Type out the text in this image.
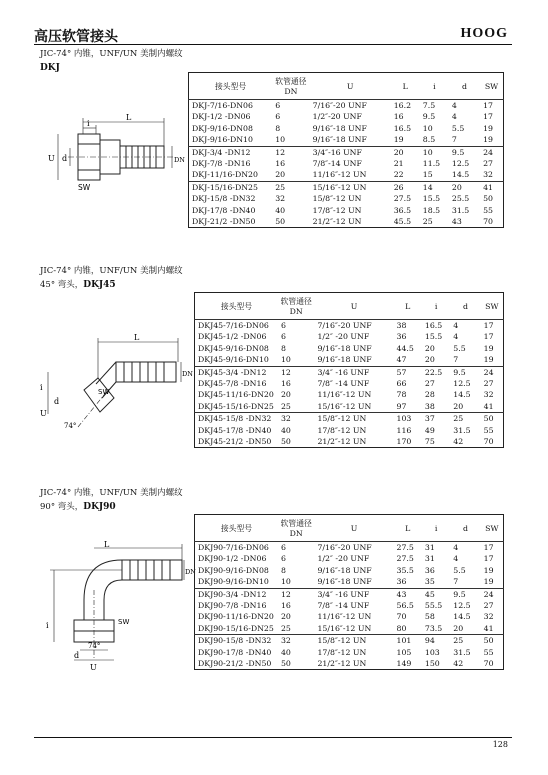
高压软管接头	HOOG
JIC-74° 内锥，UNF/UN 美制内螺纹
DKJ
i
L
U d	DN
SW
接头型号	软管通径
DN	U	L	i	d	SW
DKJ-7/16-DN06	6	7/16″-20 UNF	16.2	7.5	4	17
DKJ-1/2 -DN06	6	1/2″-20 UNF	16	9.5	4	17
DKJ-9/16-DN08	8	9/16″-18 UNF	16.5	10	5.5	19
DKJ-9/16-DN10	10	9/16″-18 UNF	19	8.5	7	19
DKJ-3/4 -DN12	12	3/4″-16 UNF	20	10	9.5	24
DKJ-7/8 -DN16	16	7/8″-14 UNF	21	11.5	12.5	27
DKJ-11/16-DN20	20	11/16″-12 UN	22	15	14.5	32
DKJ-15/16-DN25	25	15/16″-12 UN	26	14	20	41
DKJ-15/8 -DN32	32	15/8″-12 UN	27.5	15.5	25.5	50
DKJ-17/8 -DN40	40	17/8″-12 UN	36.5	18.5	31.5	55
DKJ-21/2 -DN50	50	21/2″-12 UN	45.5	25	43	70
JIC-74° 内锥，UNF/UN 美制内螺纹
45° 弯头，DKJ45
L
DN
i
d
U
SW
74°
接头型号	软管通径
DN	U	L	i	d	SW
DKJ45-7/16-DN06	6	7/16″-20 UNF	38	16.5	4	17
DKJ45-1/2 -DN06	6	1/2″ -20 UNF	36	15.5	4	17
DKJ45-9/16-DN08	8	9/16″-18 UNF	44.5	20	5.5	19
DKJ45-9/16-DN10	10	9/16″-18 UNF	47	20	7	19
DKJ45-3/4 -DN12	12	3/4″ -16 UNF	57	22.5	9.5	24
DKJ45-7/8 -DN16	16	7/8″ -14 UNF	66	27	12.5	27
DKJ45-11/16-DN20	20	11/16″-12 UN	78	28	14.5	32
DKJ45-15/16-DN25	25	15/16″-12 UN	97	38	20	41
DKJ45-15/8 -DN32	32	15/8″-12 UN	103	37	25	50
DKJ45-17/8 -DN40	40	17/8″-12 UN	116	49	31.5	55
DKJ45-21/2 -DN50	50	21/2″-12 UN	170	75	42	70
JIC-74° 内锥，UNF/UN 美制内螺纹
90° 弯头，DKJ90
L
DN
i	SW
74°
d
U
接头型号	软管通径
DN	U	L	i	d	SW
DKJ90-7/16-DN06	6	7/16″-20 UNF	27.5	31	4	17
DKJ90-1/2 -DN06	6	1/2″ -20 UNF	27.5	31	4	17
DKJ90-9/16-DN08	8	9/16″-18 UNF	35.5	36	5.5	19
DKJ90-9/16-DN10	10	9/16″-18 UNF	36	35	7	19
DKJ90-3/4 -DN12	12	3/4″ -16 UNF	43	45	9.5	24
DKJ90-7/8 -DN16	16	7/8″ -14 UNF	56.5	55.5	12.5	27
DKJ90-11/16-DN20	20	11/16″-12 UN	70	58	14.5	32
DKJ90-15/16-DN25	25	15/16″-12 UN	80	73.5	20	41
DKJ90-15/8 -DN32	32	15/8″-12 UN	101	94	25	50
DKJ90-17/8 -DN40	40	17/8″-12 UN	105	103	31.5	55
DKJ90-21/2 -DN50	50	21/2″-12 UN	149	150	42	70
128
